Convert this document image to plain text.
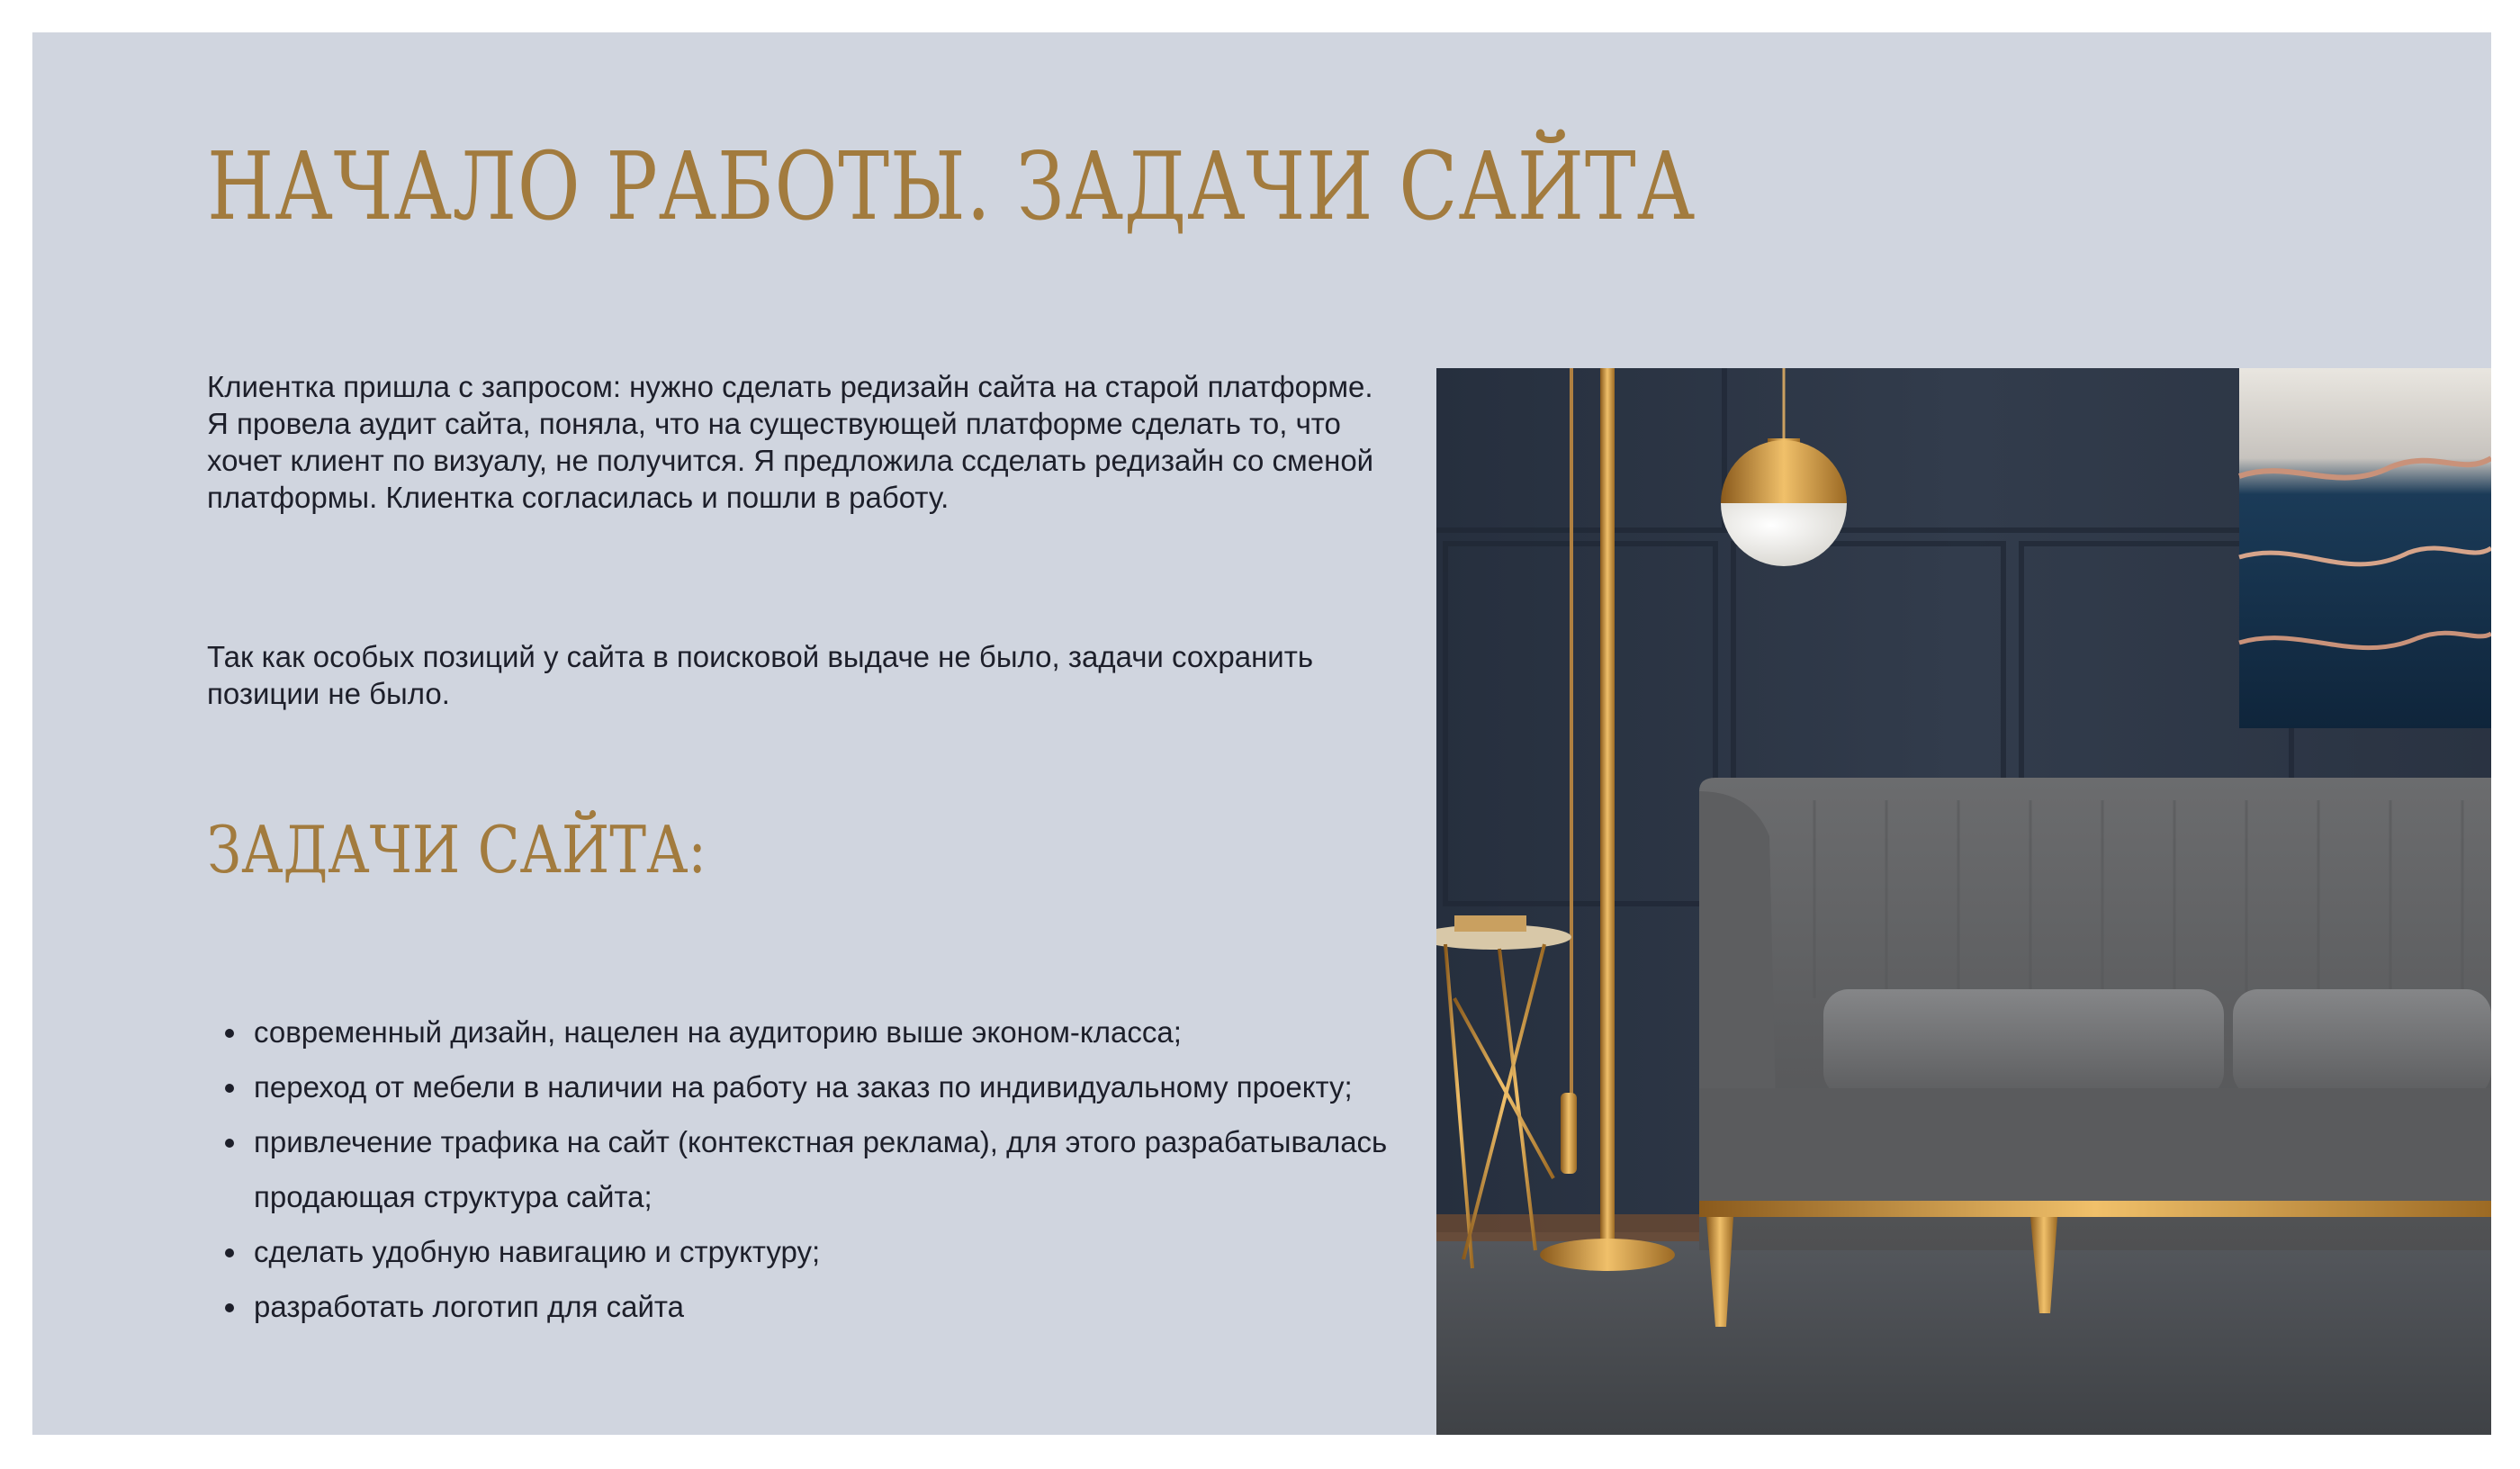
НАЧАЛО РАБОТЫ. ЗАДАЧИ САЙТА

Клиентка пришла с запросом: нужно сделать редизайн сайта на старой платформе. Я провела аудит сайта, поняла, что на существующей платформе сделать то, что хочет клиент по визуалу, не получится. Я предложила ссделать редизайн со сменой платформы. Клиентка согласилась и пошли в работу.

Так как особых позиций у сайта в поисковой выдаче не было, задачи сохранить позиции не было.

ЗАДАЧИ САЙТА:
современный дизайн, нацелен на аудиторию выше эконом-класса;
переход от мебели в наличии на работу на заказ по индивидуальному проекту;
привлечение трафика на сайт (контекстная реклама), для этого разрабатывалась продающая структура сайта;
сделать удобную навигацию и структуру;
разработать логотип для сайта
